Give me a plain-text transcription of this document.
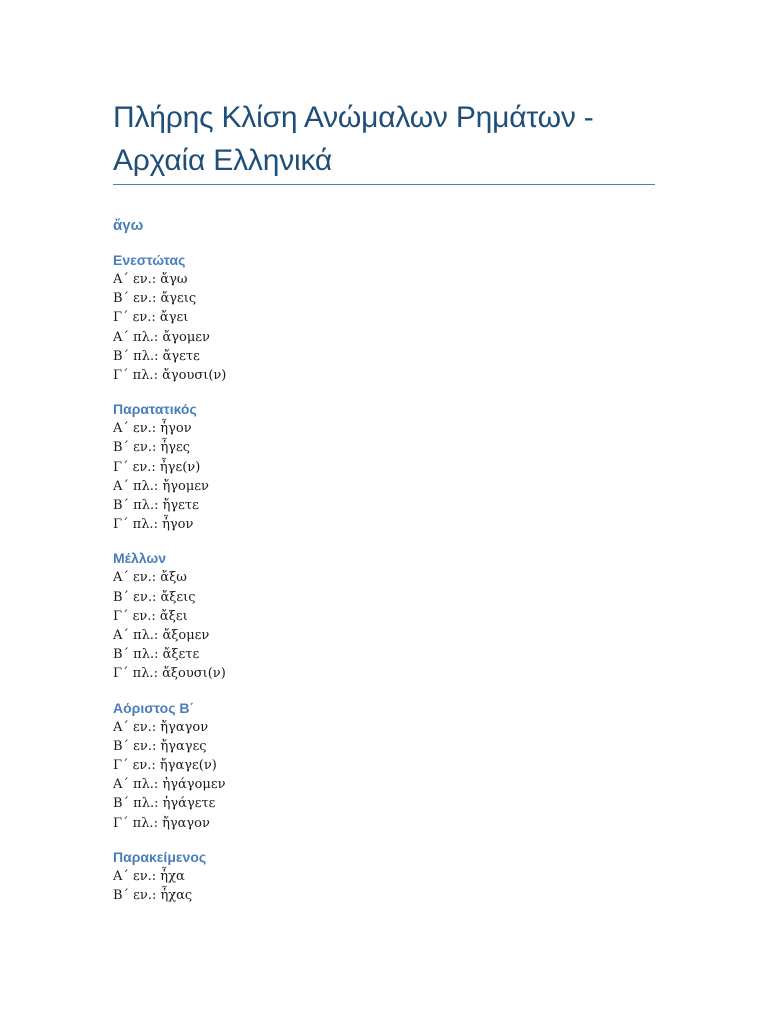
Πλήρης Κλίση Ανώμαλων Ρημάτων -
Αρχαία Ελληνικά
ἄγω
Ενεστώτας
Α΄ εν.: ἄγω
Β΄ εν.: ἄγεις
Γ΄ εν.: ἄγει
Α΄ πλ.: ἄγομεν
Β΄ πλ.: ἄγετε
Γ΄ πλ.: ἄγουσι(ν)
Παρατατικός
Α΄ εν.: ἦγον
Β΄ εν.: ἦγες
Γ΄ εν.: ἦγε(ν)
Α΄ πλ.: ἤγομεν
Β΄ πλ.: ἤγετε
Γ΄ πλ.: ἦγον
Μέλλων
Α΄ εν.: ἄξω
Β΄ εν.: ἄξεις
Γ΄ εν.: ἄξει
Α΄ πλ.: ἄξομεν
Β΄ πλ.: ἄξετε
Γ΄ πλ.: ἄξουσι(ν)
Αόριστος Β΄
Α΄ εν.: ἤγαγον
Β΄ εν.: ἤγαγες
Γ΄ εν.: ἤγαγε(ν)
Α΄ πλ.: ἠγάγομεν
Β΄ πλ.: ἠγάγετε
Γ΄ πλ.: ἤγαγον
Παρακείμενος
Α΄ εν.: ἦχα
Β΄ εν.: ἦχας
